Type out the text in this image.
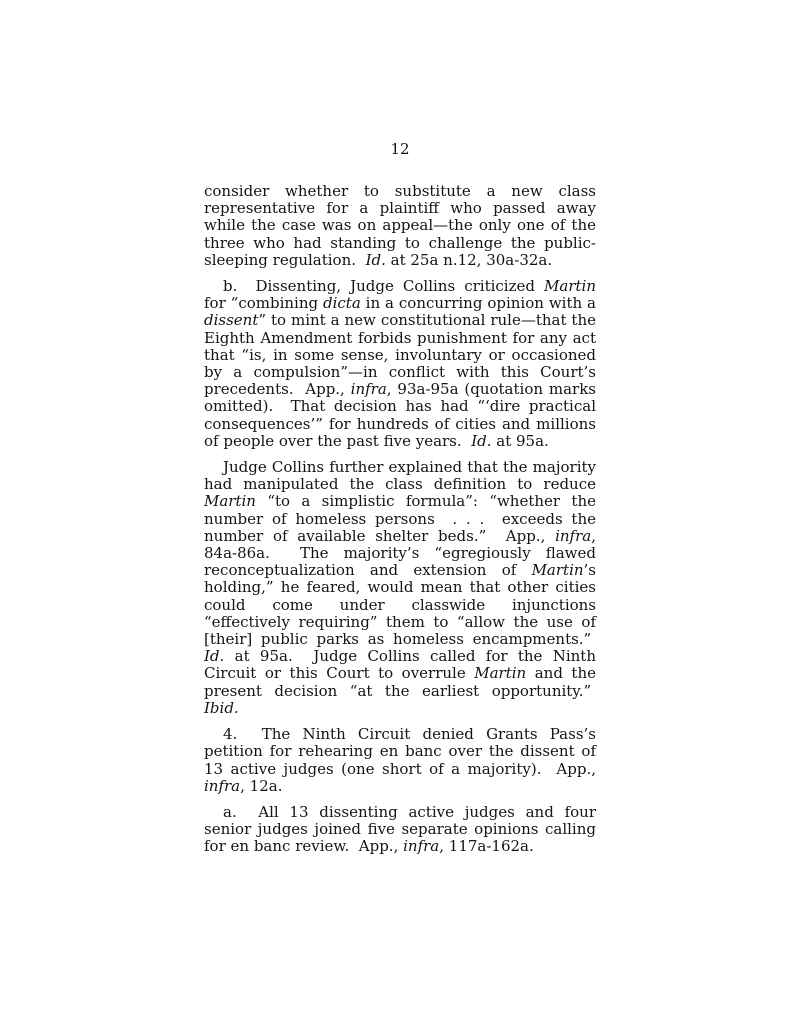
12

consider whether to substitute a new class representative for a plaintiff who passed away while the case was on appeal—the only one of the three who had standing to challenge the public-sleeping regulation.  Id. at 25a n.12, 30a-32a.

b.  Dissenting, Judge Collins criticized Martin for “combining dicta in a concurring opinion with a dissent” to mint a new constitutional rule—that the Eighth Amendment forbids punishment for any act that “is, in some sense, involuntary or occasioned by a compulsion”—in conflict with this Court’s precedents.  App., infra, 93a-95a (quotation marks omitted).  That decision has had “‘dire practical consequences’” for hundreds of cities and millions of people over the past five years.  Id. at 95a.

Judge Collins further explained that the majority had manipulated the class definition to reduce Martin “to a simplistic formula”: “whether the number of homeless persons  . . .  exceeds the number of available shelter beds.”  App., infra, 84a-86a.  The majority’s “egregiously flawed reconceptualization and extension of Martin’s holding,” he feared, would mean that other cities could come under classwide injunctions “effectively requiring” them to “allow the use of [their] public parks as homeless encampments.”  Id. at 95a.  Judge Collins called for the Ninth Circuit or this Court to overrule Martin and the present decision “at the earliest opportunity.”  Ibid.

4.  The Ninth Circuit denied Grants Pass’s petition for rehearing en banc over the dissent of 13 active judges (one short of a majority).  App., infra, 12a.

a.  All 13 dissenting active judges and four senior judges joined five separate opinions calling for en banc review.  App., infra, 117a-162a.
